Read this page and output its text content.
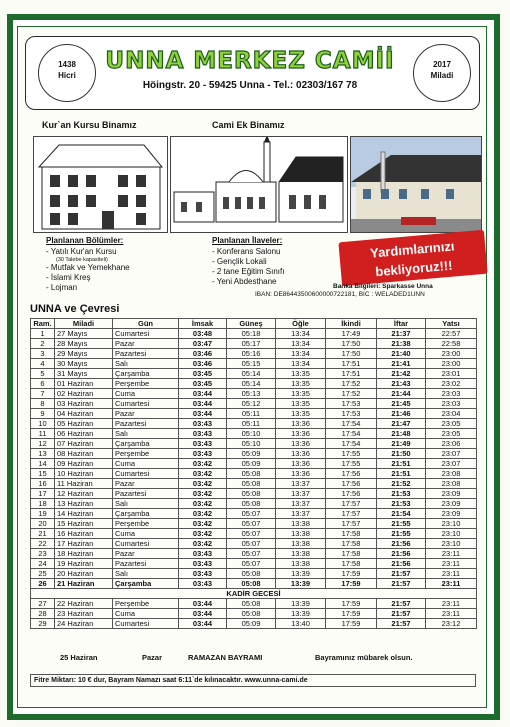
1438
Hicri
2017
Miladi
UNNA MERKEZ CAMİİ
Höingstr. 20 - 59425 Unna - Tel.: 02303/167 78
Kur`an Kursu Binamız	Cami Ek Binamız
Yardımlarınızı
bekliyoruz!!!
Planlanan Bölümler:
- Yatılı Kur'an Kursu
(30 Talebe kapasiteli)
- Mutfak ve Yemekhane
- İslami Kreş
- Lojman
Planlanan İlaveler:
- Konferans Salonu
- Gençlik Lokali
- 2 tane Eğitim Sınıfı
- Yeni Abdesthane
Banka Bilgileri: Sparkasse Unna
IBAN: DE86443500600000722181, BIC : WELADED1UNN
UNNA ve Çevresi
Ram.	Miladi	Gün	İmsak	Güneş	Öğle	İkindi	İftar	Yatsı
1	27 Mayıs	Cumartesi	03:48	05:18	13:34	17:49	21:37	22:57
2	28 Mayıs	Pazar	03:47	05:17	13:34	17:50	21:38	22:58
3	29 Mayıs	Pazartesi	03:46	05:16	13:34	17:50	21:40	23:00
4	30 Mayıs	Salı	03:46	05:15	13:34	17:51	21:41	23:00
5	31 Mayıs	Çarşamba	03:45	05:14	13:35	17:51	21:42	23:01
6	01 Haziran	Perşembe	03:45	05:14	13:35	17:52	21:43	23:02
7	02 Haziran	Cuma	03:44	05:13	13:35	17:52	21:44	23:03
8	03 Haziran	Cumartesi	03:44	05:12	13:35	17:53	21:45	23:03
9	04 Haziran	Pazar	03:44	05:11	13:35	17:53	21:46	23:04
10	05 Haziran	Pazartesi	03:43	05:11	13:36	17:54	21:47	23:05
11	06 Haziran	Salı	03:43	05:10	13:36	17:54	21:48	23:05
12	07 Haziran	Çarşamba	03:43	05:10	13:36	17:54	21:49	23:06
13	08 Haziran	Perşembe	03:43	05:09	13:36	17:55	21:50	23:07
14	09 Haziran	Cuma	03:42	05:09	13:36	17:55	21:51	23:07
15	10 Haziran	Cumartesi	03:42	05:08	13:36	17:56	21:51	23:08
16	11 Haziran	Pazar	03:42	05:08	13:37	17:56	21:52	23:08
17	12 Haziran	Pazartesi	03:42	05:08	13:37	17:56	21:53	23:09
18	13 Haziran	Salı	03:42	05:08	13:37	17:57	21:53	23:09
19	14 Haziran	Çarşamba	03:42	05:07	13:37	17:57	21:54	23:09
20	15 Haziran	Perşembe	03:42	05:07	13:38	17:57	21:55	23:10
21	16 Haziran	Cuma	03:42	05:07	13:38	17:58	21:55	23:10
22	17 Haziran	Cumartesi	03:42	05:07	13:38	17:58	21:56	23:10
23	18 Haziran	Pazar	03:43	05:07	13:38	17:58	21:56	23:11
24	19 Haziran	Pazartesi	03:43	05:07	13:38	17:58	21:56	23:11
25	20 Haziran	Salı	03:43	05:08	13:39	17:59	21:57	23:11
26	21 Haziran	Çarşamba	03:43	05:08	13:39	17:59	21:57	23:11
KADİR GECESİ								
27	22 Haziran	Perşembe	03:44	05:08	13:39	17:59	21:57	23:11
28	23 Haziran	Cuma	03:44	05:08	13:39	17:59	21:57	23:11
29	24 Haziran	Cumartesi	03:44	05:09	13:40	17:59	21:57	23:12
25 Haziran	Pazar	RAMAZAN BAYRAMI	Bayramınız mübarek olsun.
Fitre Miktarı: 10 € dur, Bayram Namazı saat 6:11`de kılınacaktır. www.unna-cami.de
